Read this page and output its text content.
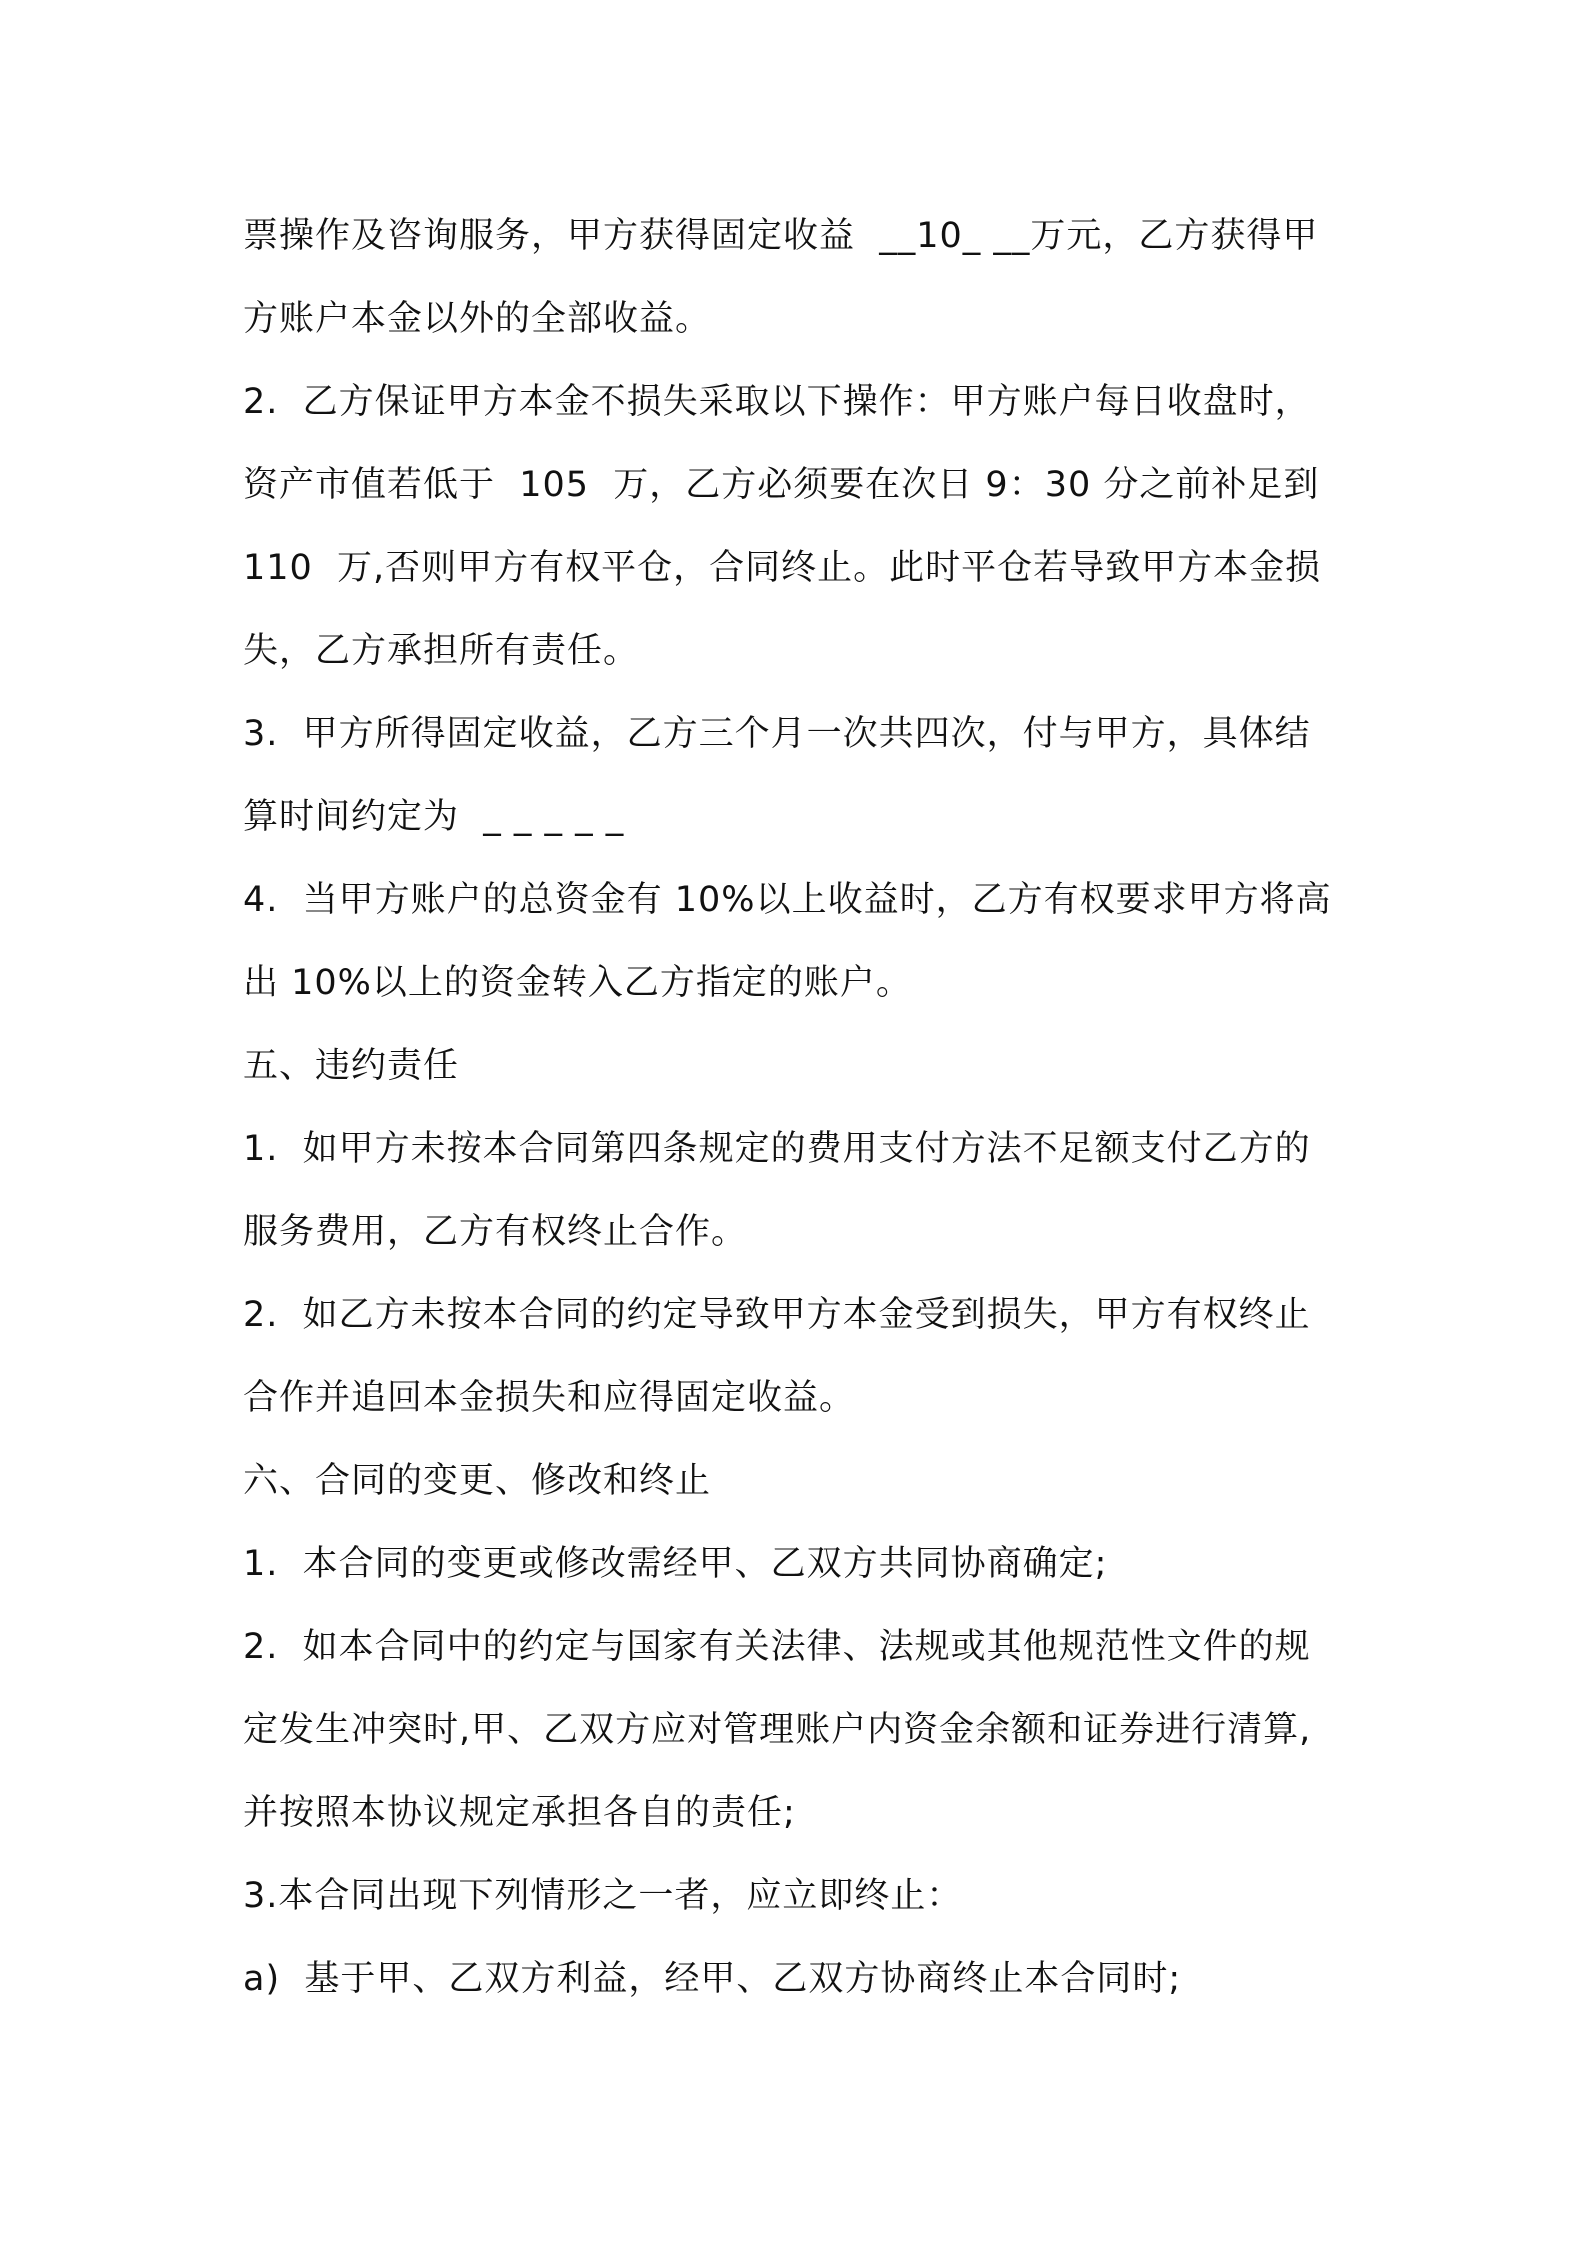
票操作及咨询服务，甲方获得固定收益  __10_ __万元，乙方获得甲
方账户本金以外的全部收益。
2.  乙方保证甲方本金不损失采取以下操作：甲方账户每日收盘时，
资产市值若低于  105  万，乙方必须要在次日 9：30 分之前补足到
110  万,否则甲方有权平仓，合同终止。此时平仓若导致甲方本金损
失，乙方承担所有责任。
3.  甲方所得固定收益，乙方三个月一次共四次，付与甲方，具体结
算时间约定为  _ _ _ _ _
4.  当甲方账户的总资金有 10%以上收益时，乙方有权要求甲方将高
出 10%以上的资金转入乙方指定的账户。
五、违约责任
1.  如甲方未按本合同第四条规定的费用支付方法不足额支付乙方的
服务费用，乙方有权终止合作。
2.  如乙方未按本合同的约定导致甲方本金受到损失，甲方有权终止
合作并追回本金损失和应得固定收益。
六、合同的变更、修改和终止
1.  本合同的变更或修改需经甲、乙双方共同协商确定;
2.  如本合同中的约定与国家有关法律、法规或其他规范性文件的规
定发生冲突时,甲、乙双方应对管理账户内资金余额和证券进行清算,
并按照本协议规定承担各自的责任;
3.本合同出现下列情形之一者，应立即终止：
a)  基于甲、乙双方利益，经甲、乙双方协商终止本合同时;
